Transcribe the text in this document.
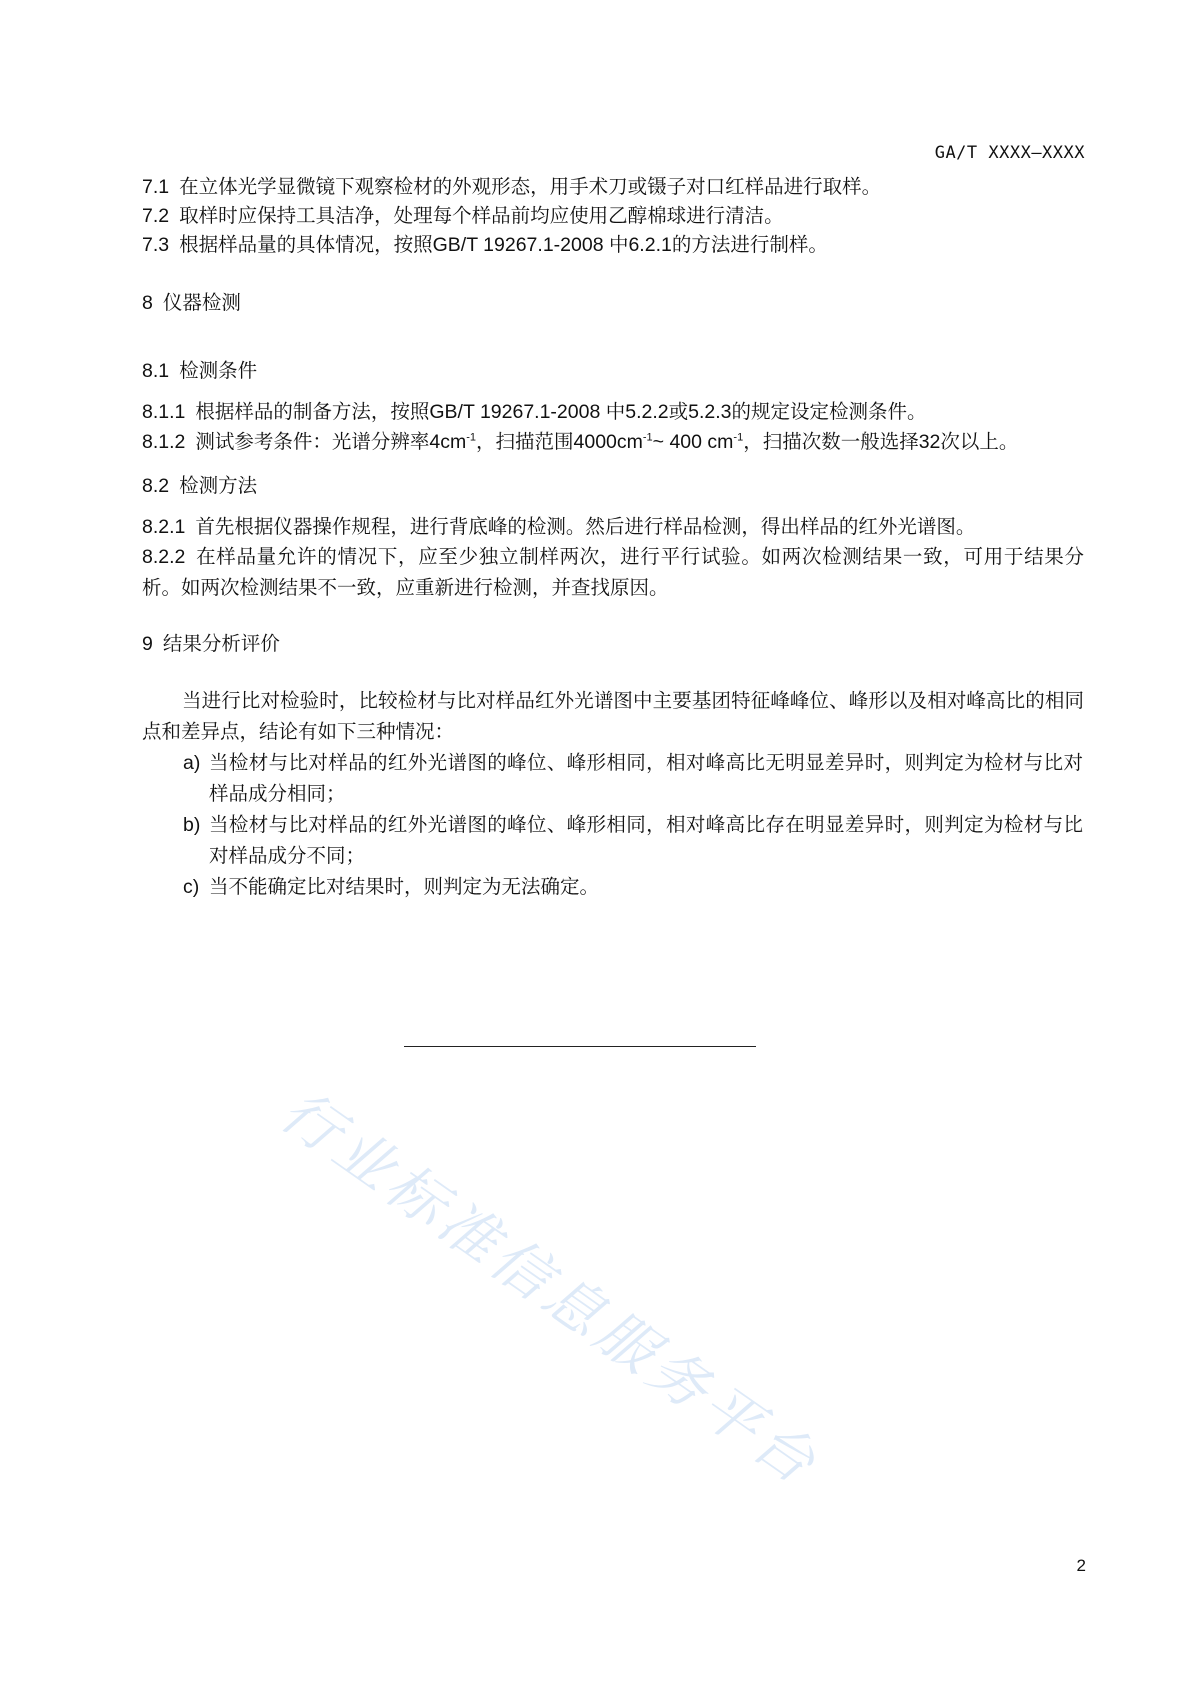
GA/T XXXX—XXXX
7.1 在立体光学显微镜下观察检材的外观形态，用手术刀或镊子对口红样品进行取样。
7.2 取样时应保持工具洁净，处理每个样品前均应使用乙醇棉球进行清洁。
7.3 根据样品量的具体情况，按照GB/T 19267.1-2008 中6.2.1的方法进行制样。
8 仪器检测
8.1 检测条件
8.1.1 根据样品的制备方法，按照GB/T 19267.1-2008 中5.2.2或5.2.3的规定设定检测条件。
8.1.2 测试参考条件：光谱分辨率$4cm^{-1}$，扫描范围$4000cm^{-1}\sim$ 400 $cm^{-1}$，扫描次数一般选择32次以上。
8.2 检测方法
8.2.1 首先根据仪器操作规程，进行背底峰的检测。然后进行样品检测，得出样品的红外光谱图。
8.2.2 在样品量允许的情况下，应至少独立制样两次，进行平行试验。如两次检测结果一致，可用于结果分析。如两次检测结果不一致，应重新进行检测，并查找原因。
9 结果分析评价
当进行比对检验时，比较检材与比对样品红外光谱图中主要基团特征峰峰位、峰形以及相对峰高比的相同点和差异点，结论有如下三种情况：
a) 当检材与比对样品的红外光谱图的峰位、峰形相同，相对峰高比无明显差异时，则判定为检材与比对样品成分相同；
b) 当检材与比对样品的红外光谱图的峰位、峰形相同，相对峰高比存在明显差异时，则判定为检材与比对样品成分不同；
c) 当不能确定比对结果时，则判定为无法确定。
行业标准信息服务平台
2
